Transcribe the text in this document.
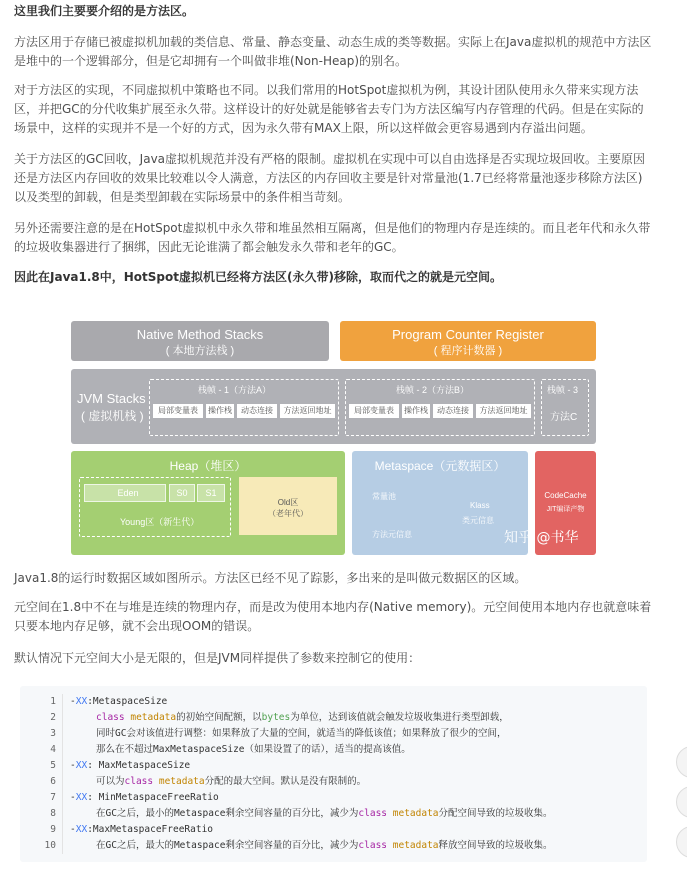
这里我们主要要介绍的是方法区。

方法区用于存储已被虚拟机加载的类信息、常量、静态变量、动态生成的类等数据。实际上在Java虚拟机的规范中方法区是堆中的一个逻辑部分，但是它却拥有一个叫做非堆(Non-Heap)的别名。

对于方法区的实现，不同虚拟机中策略也不同。以我们常用的HotSpot虚拟机为例，其设计团队使用永久带来实现方法区，并把GC的分代收集扩展至永久带。这样设计的好处就是能够省去专门为方法区编写内存管理的代码。但是在实际的场景中，这样的实现并不是一个好的方式，因为永久带有MAX上限，所以这样做会更容易遇到内存溢出问题。

关于方法区的GC回收，Java虚拟机规范并没有严格的限制。虚拟机在实现中可以自由选择是否实现垃圾回收。主要原因还是方法区内存回收的效果比较难以令人满意，方法区的内存回收主要是针对常量池(1.7已经将常量池逐步移除方法区)以及类型的卸载，但是类型卸载在实际场景中的条件相当苛刻。

另外还需要注意的是在HotSpot虚拟机中永久带和堆虽然相互隔离，但是他们的物理内存是连续的。而且老年代和永久带的垃圾收集器进行了捆绑，因此无论谁满了都会触发永久带和老年的GC。

因此在Java1.8中，HotSpot虚拟机已经将方法区(永久带)移除，取而代之的就是元空间。

Java1.8的运行时数据区域如图所示。方法区已经不见了踪影，多出来的是叫做元数据区的区域。

元空间在1.8中不在与堆是连续的物理内存，而是改为使用本地内存(Native memory)。元空间使用本地内存也就意味着只要本地内存足够，就不会出现OOM的错误。

默认情况下元空间大小是无限的，但是JVM同样提供了参数来控制它的使用：

Native Method Stacks
( 本地方法栈 )
Program Counter Register
( 程序计数器 )
JVM Stacks
( 虚拟机栈 )
栈帧 - 1（方法A）
局部变量表	操作栈	动态连接	方法返回地址
栈帧 - 2（方法B）
局部变量表	操作栈	动态连接	方法返回地址
栈帧 - 3
方法C
Heap（堆区）
Eden	S0	S1
Young区（新生代）
Old区
（老年代）
Metaspace（元数据区）
常量池
Klass
方法元信息
类元信息
CodeCache
JIT编译产物
知乎 @书华
1
2
3
4
5
6
7
8
9
10
-XX:MetaspaceSize
class metadata的初始空间配额，以bytes为单位，达到该值就会触发垃圾收集进行类型卸载，
同时GC会对该值进行调整：如果释放了大量的空间，就适当的降低该值；如果释放了很少的空间，
那么在不超过MaxMetaspaceSize（如果设置了的话），适当的提高该值。
-XX: MaxMetaspaceSize
可以为class metadata分配的最大空间。默认是没有限制的。
-XX: MinMetaspaceFreeRatio
在GC之后，最小的Metaspace剩余空间容量的百分比，减少为class metadata分配空间导致的垃圾收集。
-XX:MaxMetaspaceFreeRatio
在GC之后，最大的Metaspace剩余空间容量的百分比，减少为class metadata释放空间导致的垃圾收集。
